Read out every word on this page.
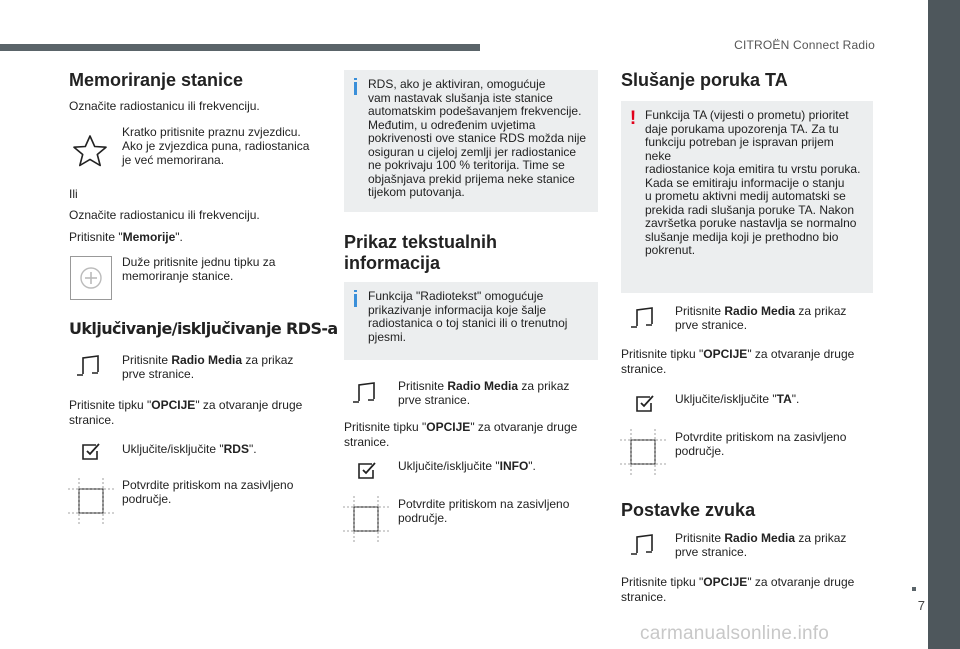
CITROËN Connect Radio
7
Memoriranje stanice

Označite radiostanicu ili frekvenciju.

Kratko pritisnite praznu zvjezdicu.
Ako je zvjezdica puna, radiostanica
je već memorirana.

Ili

Označite radiostanicu ili frekvenciju.

Pritisnite "Memorije".

Duže pritisnite jednu tipku za
memoriranje stanice.
Uključivanje/isključivanje RDS-a
Pritisnite Radio Media za prikaz
prve stranice.
Pritisnite tipku "OPCIJE" za otvaranje druge
stranice.
Uključite/isključite "RDS".
Potvrdite pritiskom na zasivljeno
područje.
RDS, ako je aktiviran, omogućuje
vam nastavak slušanja iste stanice
automatskim podešavanjem frekvencije.
Međutim, u određenim uvjetima
pokrivenosti ove stanice RDS možda nije
osiguran u cijeloj zemlji jer radiostanice
ne pokrivaju 100 % teritorija. Time se
objašnjava prekid prijema neke stanice
tijekom putovanja.
Prikaz tekstualnih
informacija
Funkcija "Radiotekst" omogućuje
prikazivanje informacija koje šalje
radiostanica o toj stanici ili o trenutnoj
pjesmi.
Pritisnite Radio Media za prikaz
prve stranice.
Pritisnite tipku "OPCIJE" za otvaranje druge
stranice.
Uključite/isključite "INFO".
Potvrdite pritiskom na zasivljeno
područje.
Slušanje poruka TA
! Funkcija TA (vijesti o prometu) prioritet
daje porukama upozorenja TA. Za tu
funkciju potreban je ispravan prijem neke
radiostanice koja emitira tu vrstu poruka.
Kada se emitiraju informacije o stanju
u prometu aktivni medij automatski se
prekida radi slušanja poruke TA. Nakon
završetka poruke nastavlja se normalno
slušanje medija koji je prethodno bio
pokrenut.
Pritisnite Radio Media za prikaz
prve stranice.
Pritisnite tipku "OPCIJE" za otvaranje druge
stranice.
Uključite/isključite "TA".
Potvrdite pritiskom na zasivljeno
područje.
Postavke zvuka
Pritisnite Radio Media za prikaz
prve stranice.
Pritisnite tipku "OPCIJE" za otvaranje druge
stranice.
carmanualsonline.info
